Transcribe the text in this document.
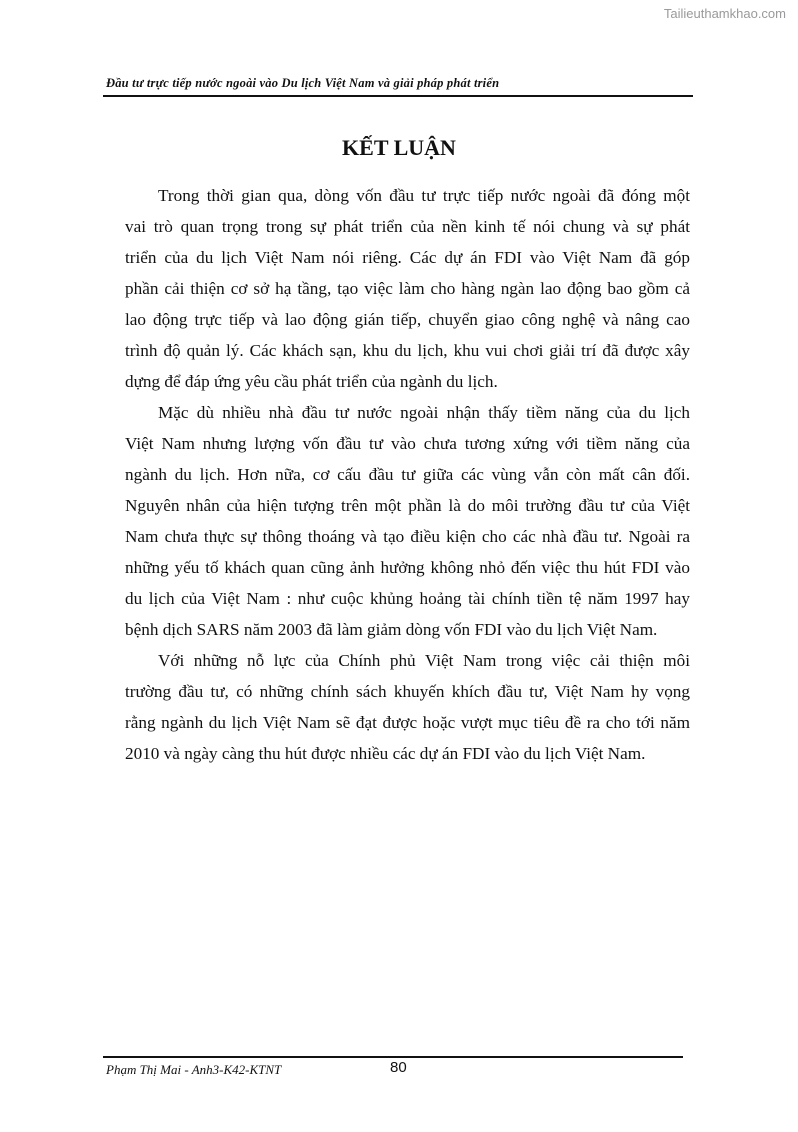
Tailieuthamkhao.com
Đầu tư trực tiếp nước ngoài vào Du lịch Việt Nam và giải pháp phát triển
KẾT LUẬN
Trong thời gian qua, dòng vốn đầu tư trực tiếp nước ngoài đã đóng một
vai trò quan trọng trong sự phát triển của nền kinh tế nói chung và sự phát
triển của du lịch Việt Nam nói riêng. Các dự án FDI vào Việt Nam đã góp
phần cải thiện cơ sở hạ tầng, tạo việc làm cho hàng ngàn lao động bao gồm cả
lao động trực tiếp và lao động gián tiếp, chuyển giao công nghệ và nâng cao
trình độ quản lý. Các khách sạn, khu du lịch, khu vui chơi giải trí đã được xây
dựng để đáp ứng yêu cầu phát triển của ngành du lịch.
Mặc dù nhiều nhà đầu tư nước ngoài nhận thấy tiềm năng của du lịch
Việt Nam nhưng lượng vốn đầu tư vào chưa tương xứng với tiềm năng của
ngành du lịch. Hơn nữa, cơ cấu đầu tư giữa các vùng vẫn còn mất cân đối.
Nguyên nhân của hiện tượng trên một phần là do môi trường đầu tư của Việt
Nam chưa thực sự thông thoáng và tạo điều kiện cho các nhà đầu tư. Ngoài ra
những yếu tố khách quan cũng ảnh hưởng không nhỏ đến việc thu hút FDI vào
du lịch của Việt Nam : như cuộc khủng hoảng tài chính tiền tệ năm 1997 hay
bệnh dịch SARS năm 2003 đã làm giảm dòng vốn FDI vào du lịch Việt Nam.
Với những nỗ lực của Chính phủ Việt Nam trong việc cải thiện môi
trường đầu tư, có những chính sách khuyến khích đầu tư, Việt Nam hy vọng
rằng ngành du lịch Việt Nam sẽ đạt được hoặc vượt mục tiêu đề ra cho tới năm
2010 và ngày càng thu hút được nhiều các dự án FDI vào du lịch Việt Nam.
Phạm Thị Mai - Anh3-K42-KTNT	80
